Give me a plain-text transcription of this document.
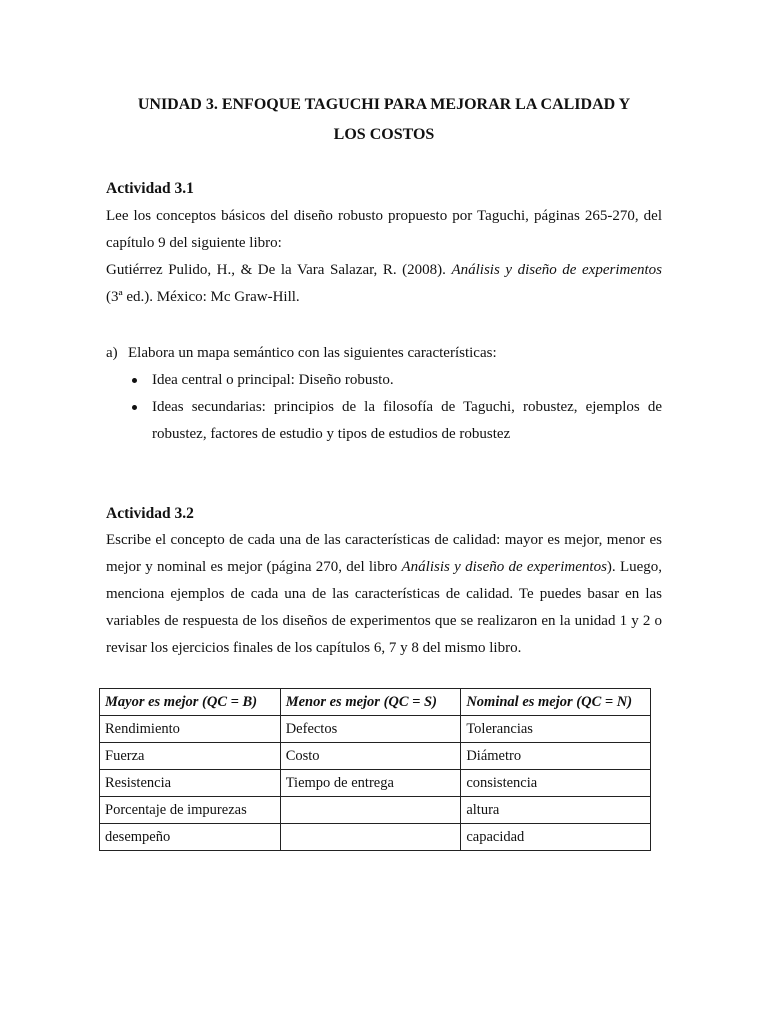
UNIDAD 3. ENFOQUE TAGUCHI PARA MEJORAR LA CALIDAD Y
LOS COSTOS
Actividad 3.1

Lee los conceptos básicos del diseño robusto propuesto por Taguchi, páginas 265-270, del

capítulo 9 del siguiente libro:

Gutiérrez Pulido, H., & De la Vara Salazar, R. (2008). Análisis y diseño de experimentos

(3ª ed.). México: Mc Graw-Hill.

a) Elabora un mapa semántico con las siguientes características:
Idea central o principal: Diseño robusto.
Ideas secundarias: principios de la filosofía de Taguchi, robustez, ejemplos de robustez, factores de estudio y tipos de estudios de robustez
Actividad 3.2

Escribe el concepto de cada una de las características de calidad: mayor es mejor, menor es

mejor y nominal es mejor (página 270, del libro Análisis y diseño de experimentos). Luego,

menciona ejemplos de cada una de las características de calidad. Te puedes basar en las

variables de respuesta de los diseños de experimentos que se realizaron en la unidad 1 y 2 o

revisar los ejercicios finales de los capítulos 6, 7 y 8 del mismo libro.

Mayor es mejor (QC = B)	Menor es mejor (QC = S)	Nominal es mejor (QC = N)
Rendimiento	Defectos	Tolerancias
Fuerza	Costo	Diámetro
Resistencia	Tiempo de entrega	consistencia
Porcentaje de impurezas		altura
desempeño		capacidad
